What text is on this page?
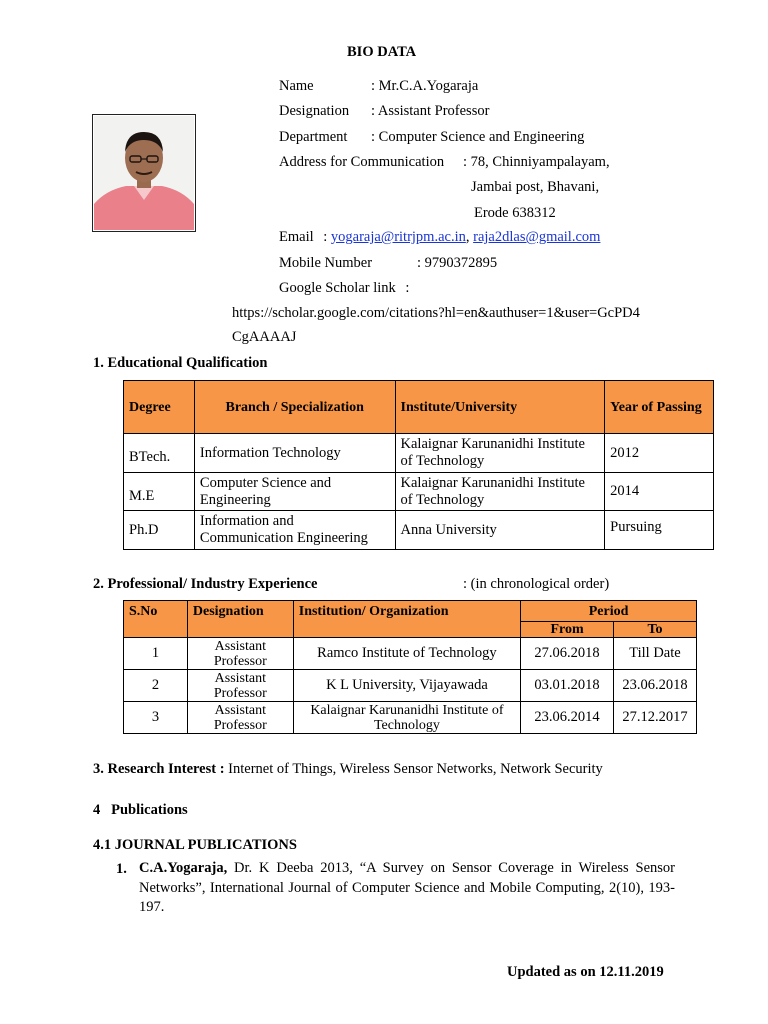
BIO DATA
Name	: Mr.C.A.Yogaraja
Designation : Assistant Professor
Department : Computer Science and Engineering
Address for Communication : 78, Chinniyampalayam,
Jambai post, Bhavani,
Erode 638312
Email : yogaraja@ritrjpm.ac.in, raja2dlas@gmail.com
Mobile Number	: 9790372895
Google Scholar link :
https://scholar.google.com/citations?hl=en&authuser=1&user=GcPD4
CgAAAAJ
1. Educational Qualification
Degree	Branch / Specialization	Institute/University	Year of Passing
BTech.	Information Technology	Kalaignar Karunanidhi Institute of Technology	2012
M.E	Computer Science and Engineering	Kalaignar Karunanidhi Institute of Technology	2014
Ph.D	Information and Communication Engineering	Anna University	Pursuing
2. Professional/ Industry Experience	: (in chronological order)
S.No	Designation	Institution/ Organization	Period	
			From	To
1	Assistant Professor	Ramco Institute of Technology	27.06.2018	Till Date
2	Assistant Professor	K L University, Vijayawada	03.01.2018	23.06.2018
3	Assistant Professor	Kalaignar Karunanidhi Institute of Technology	23.06.2014	27.12.2017
3. Research Interest : Internet of Things, Wireless Sensor Networks, Network Security
4   Publications
4.1 JOURNAL PUBLICATIONS
1. C.A.Yogaraja, Dr. K Deeba 2013, “A Survey on Sensor Coverage in Wireless Sensor Networks”, International Journal of Computer Science and Mobile Computing, 2(10), 193-197.
Updated as on 12.11.2019
